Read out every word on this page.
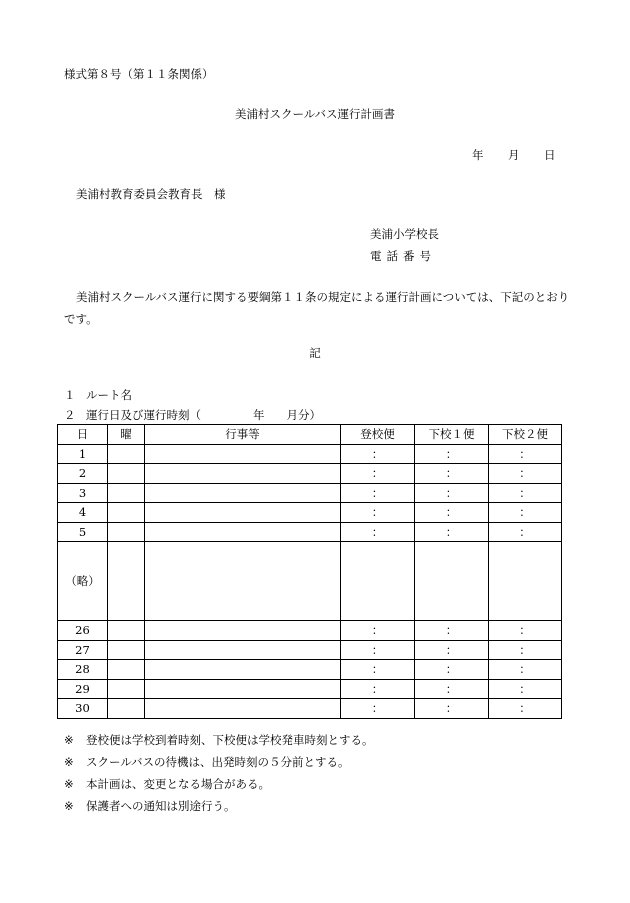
様式第８号（第１１条関係）
美浦村スクールバス運行計画書
年 月 日
美浦村教育委員会教育長　様
美浦小学校長
電話番号
美浦村スクールバス運行に関する要綱第１１条の規定による運行計画については、下記のとおりです。
記
１ ルート名
２ 運行日及び運行時刻（	年 月分）
日	曜	行事等	登校便	下校１便	下校２便
1			：	：	：
2			：	：	：
3			：	：	：
4			：	：	：
5			：	：	：
（略）					
26			：	：	：
27			：	：	：
28			：	：	：
29			：	：	：
30			：	：	：
※ 登校便は学校到着時刻、下校便は学校発車時刻とする。
※ スクールバスの待機は、出発時刻の５分前とする。
※ 本計画は、変更となる場合がある。
※ 保護者への通知は別途行う。
